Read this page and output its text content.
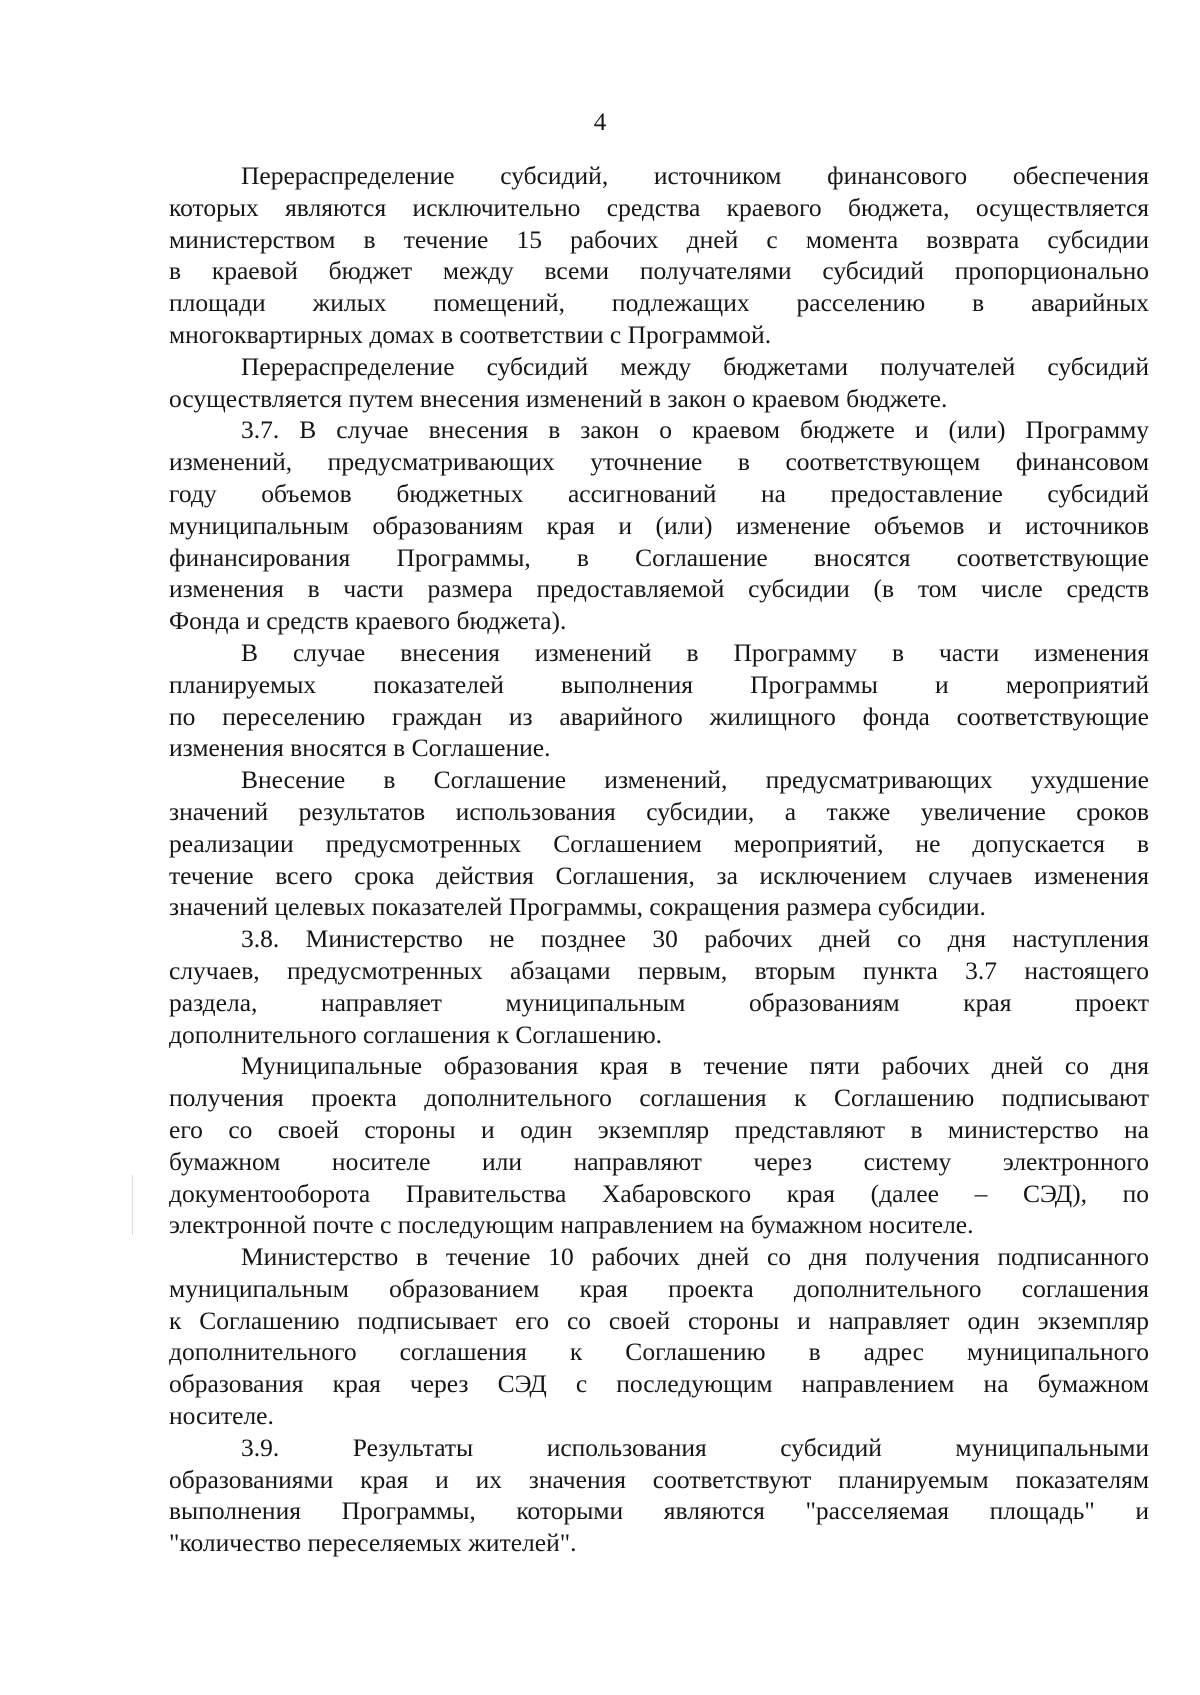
4
Перераспределение субсидий, источником финансового обеспечения
которых являются исключительно средства краевого бюджета, осуществляется
министерством в течение 15 рабочих дней с момента возврата субсидии
в краевой бюджет между всеми получателями субсидий пропорционально
площади жилых помещений, подлежащих расселению в аварийных
многоквартирных домах в соответствии с Программой.
Перераспределение субсидий между бюджетами получателей субсидий
осуществляется путем внесения изменений в закон о краевом бюджете.
3.7. В случае внесения в закон о краевом бюджете и (или) Программу
изменений, предусматривающих уточнение в соответствующем финансовом
году объемов бюджетных ассигнований на предоставление субсидий
муниципальным образованиям края и (или) изменение объемов и источников
финансирования Программы, в Соглашение вносятся соответствующие
изменения в части размера предоставляемой субсидии (в том числе средств
Фонда и средств краевого бюджета).
В случае внесения изменений в Программу в части изменения
планируемых показателей выполнения Программы и мероприятий
по переселению граждан из аварийного жилищного фонда соответствующие
изменения вносятся в Соглашение.
Внесение в Соглашение изменений, предусматривающих ухудшение
значений результатов использования субсидии, а также увеличение сроков
реализации предусмотренных Соглашением мероприятий, не допускается в
течение всего срока действия Соглашения, за исключением случаев изменения
значений целевых показателей Программы, сокращения размера субсидии.
3.8. Министерство не позднее 30 рабочих дней со дня наступления
случаев, предусмотренных абзацами первым, вторым пункта 3.7 настоящего
раздела, направляет муниципальным образованиям края проект
дополнительного соглашения к Соглашению.
Муниципальные образования края в течение пяти рабочих дней со дня
получения проекта дополнительного соглашения к Соглашению подписывают
его со своей стороны и один экземпляр представляют в министерство на
бумажном носителе или направляют через систему электронного
документооборота Правительства Хабаровского края (далее – СЭД), по
электронной почте с последующим направлением на бумажном носителе.
Министерство в течение 10 рабочих дней со дня получения подписанного
муниципальным образованием края проекта дополнительного соглашения
к Соглашению подписывает его со своей стороны и направляет один экземпляр
дополнительного соглашения к Соглашению в адрес муниципального
образования края через СЭД с последующим направлением на бумажном
носителе.
3.9. Результаты использования субсидий муниципальными
образованиями края и их значения соответствуют планируемым показателям
выполнения Программы, которыми являются "расселяемая площадь" и
"количество переселяемых жителей".
